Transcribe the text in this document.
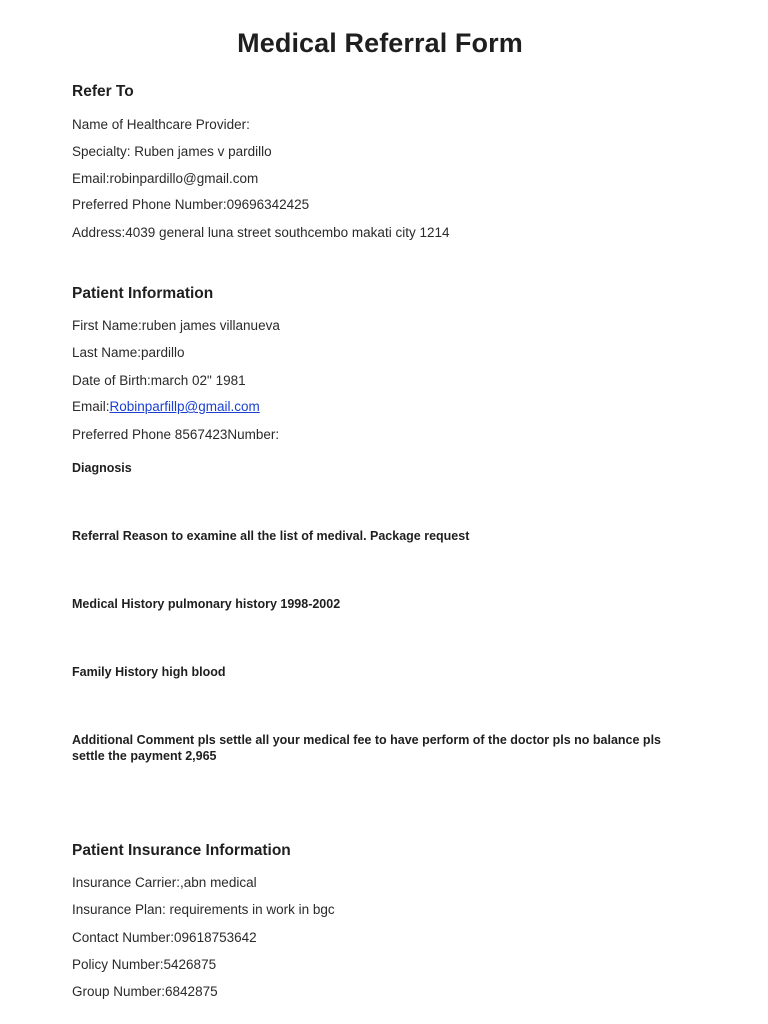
Medical Referral Form
Refer To
Name of Healthcare Provider:
Specialty: Ruben james v pardillo
Email:robinpardillo@gmail.com
Preferred Phone Number:09696342425
Address:4039 general luna street southcembo makati city 1214
Patient Information
First Name:ruben james villanueva
Last Name:pardillo
Date of Birth:march 02" 1981
Email:Robinparfillp@gmail.com
Preferred Phone 8567423Number:
Diagnosis
Referral Reason to examine all the list of medival. Package request
Medical History pulmonary history 1998-2002
Family History high blood
Additional Comment pls settle all your medical fee to have perform of the doctor pls no balance pls settle the payment 2,965
Patient Insurance Information
Insurance Carrier:,abn medical
Insurance Plan: requirements in work in bgc
Contact Number:09618753642
Policy Number:5426875
Group Number:6842875
